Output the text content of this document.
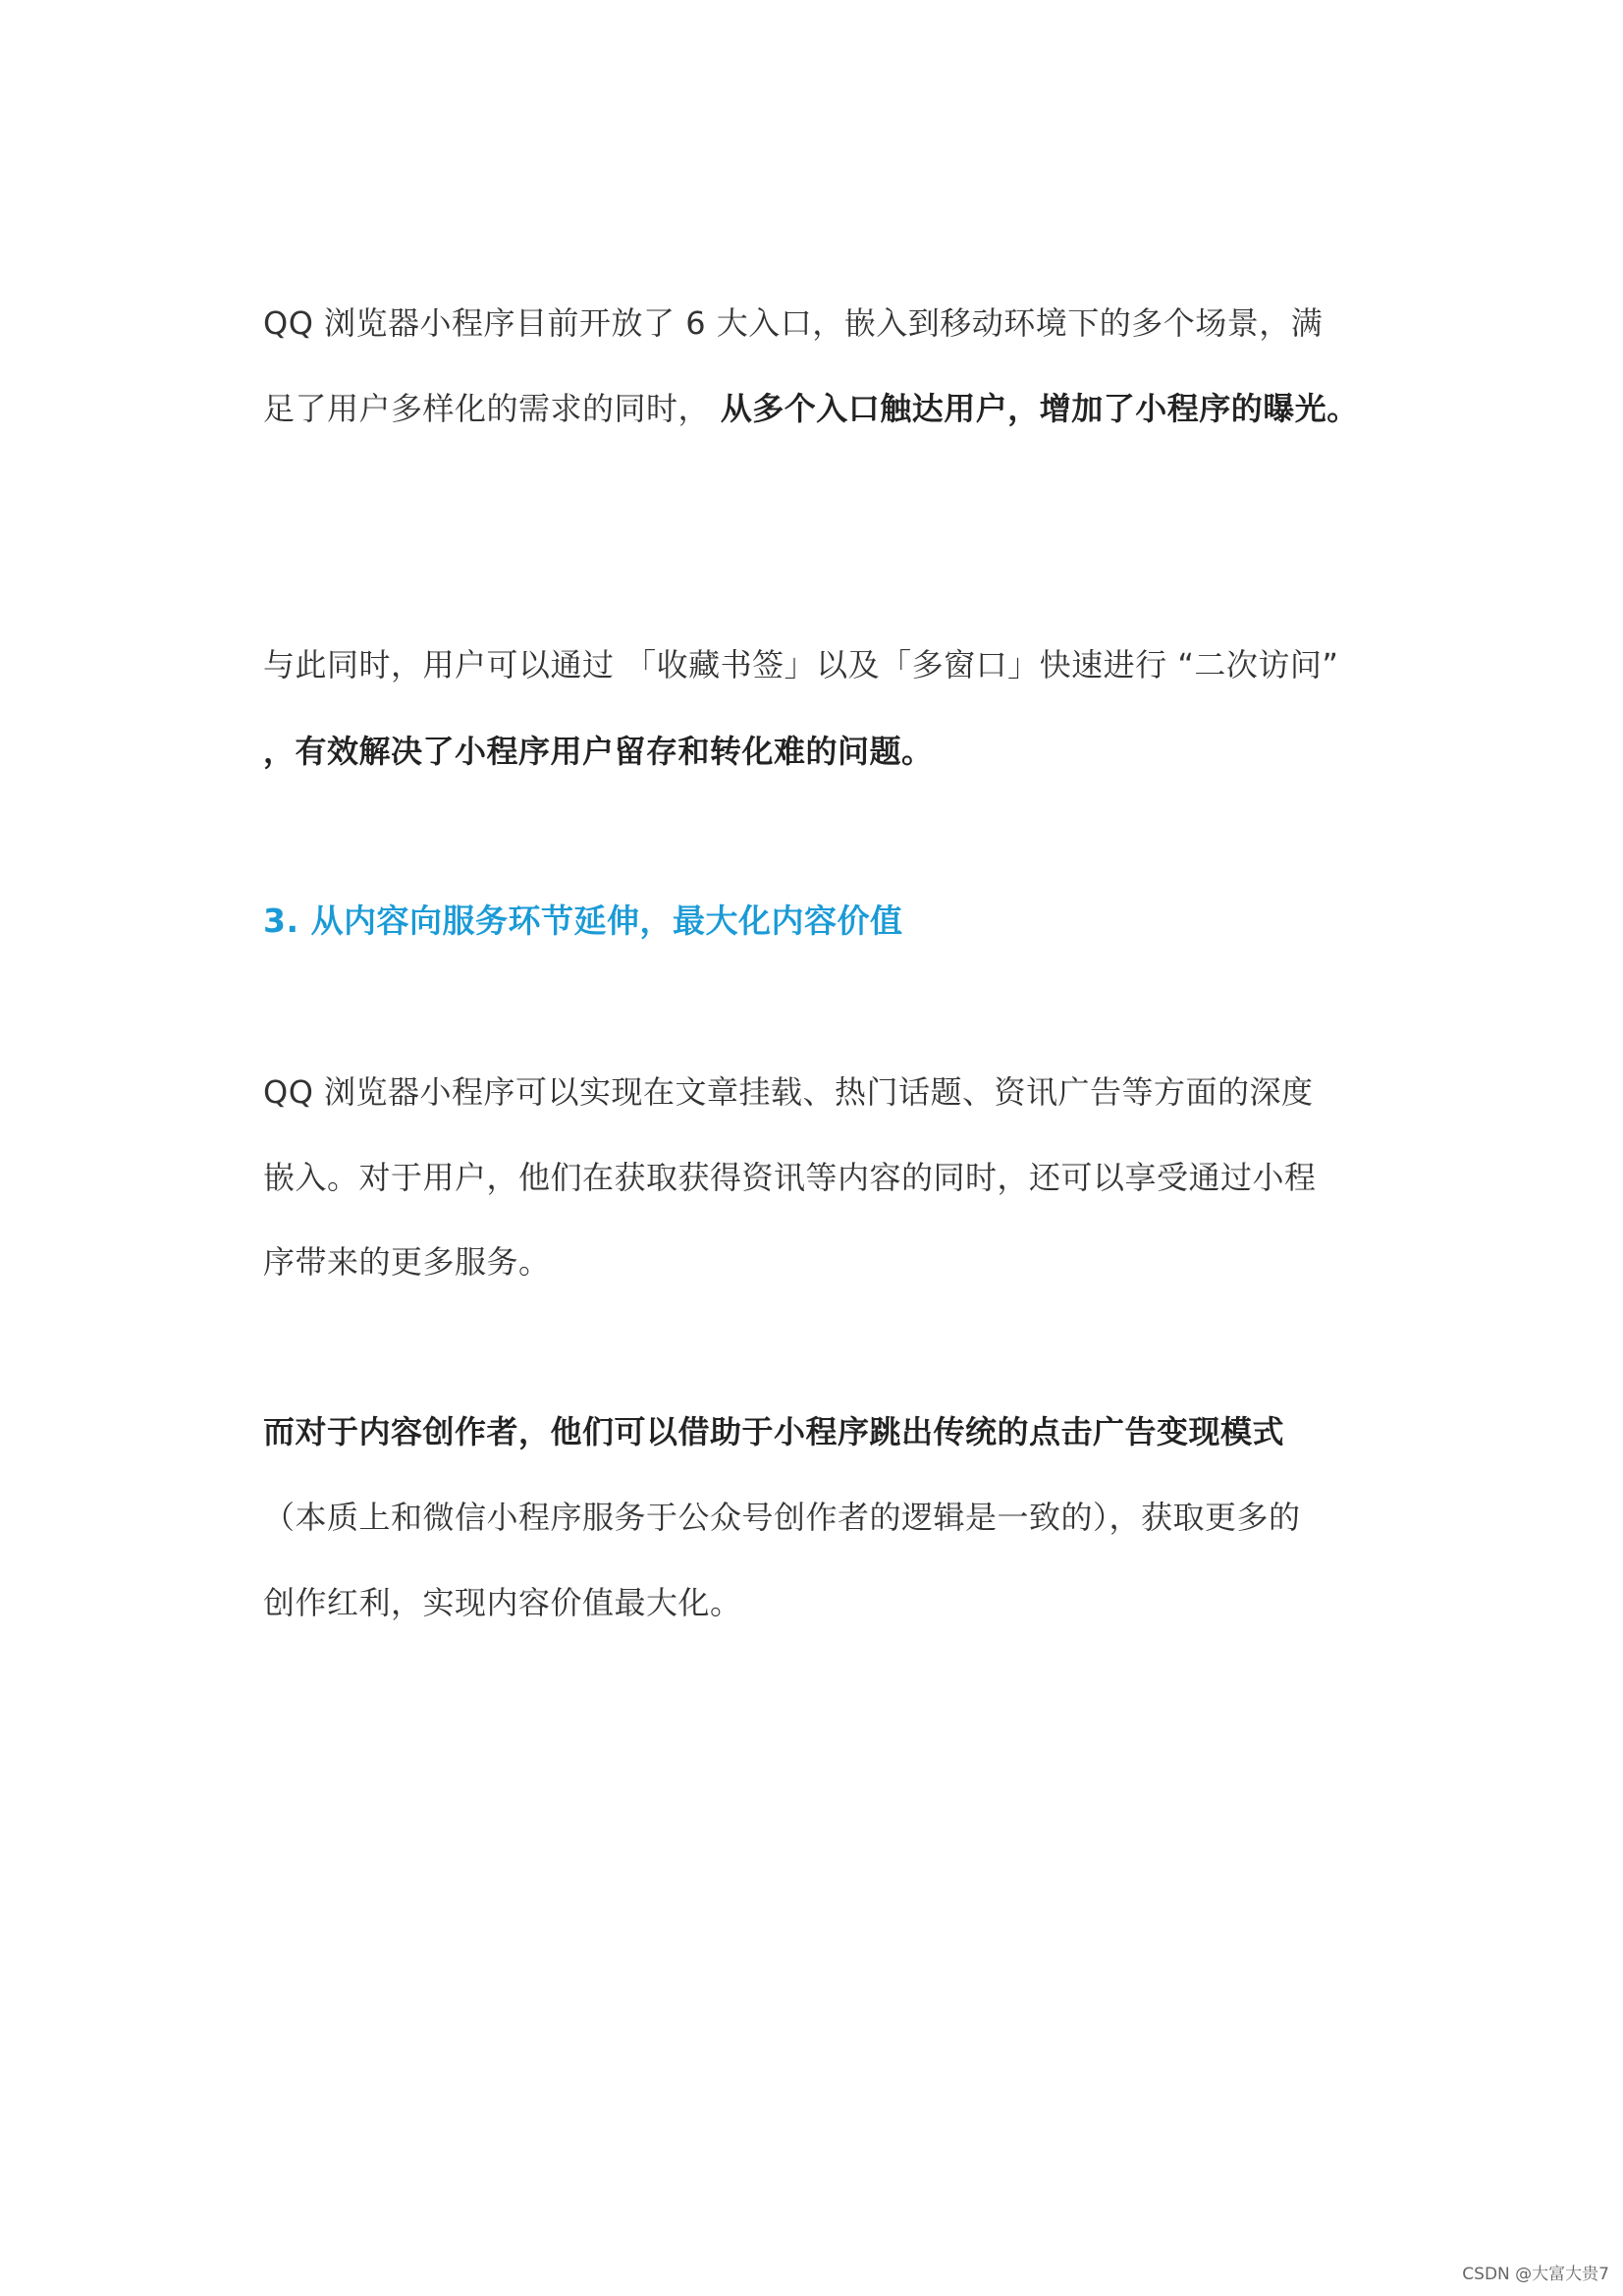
QQ 浏览器小程序目前开放了 6 大入口，嵌入到移动环境下的多个场景，满
足了用户多样化的需求的同时， 从多个入口触达用户，增加了小程序的曝光。
与此同时，用户可以通过 「收藏书签」以及「多窗口」快速进行 “二次访问”
，有效解决了小程序用户留存和转化难的问题。
3. 从内容向服务环节延伸，最大化内容价值
QQ 浏览器小程序可以实现在文章挂载、热门话题、资讯广告等方面的深度
嵌入。对于用户，他们在获取获得资讯等内容的同时，还可以享受通过小程
序带来的更多服务。
而对于内容创作者，他们可以借助于小程序跳出传统的点击广告变现模式
（本质上和微信小程序服务于公众号创作者的逻辑是一致的），获取更多的
创作红利，实现内容价值最大化。
CSDN @大富大贵7
